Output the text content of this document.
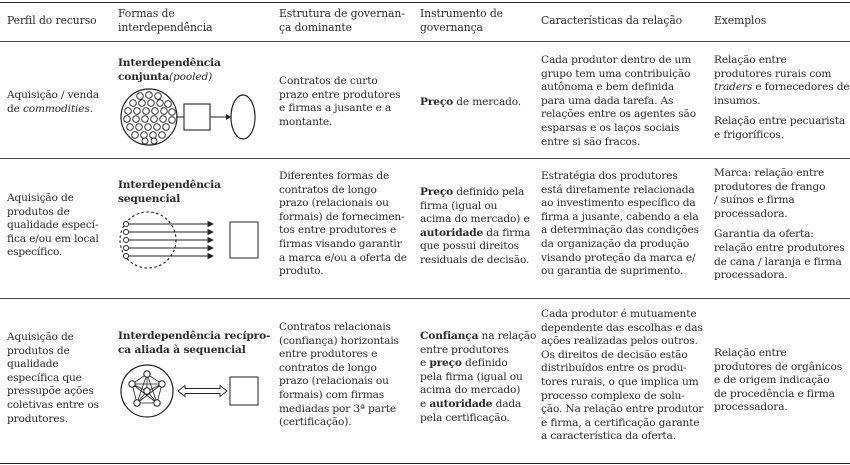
Perfil do recurso
Formas de
interdependência
Estrutura de governan-
ça dominante
Instrumento de
governança
Características da relação	Exemplos

Aquisição / venda

de commodities.

Interdependência

conjunta(pooled)	Contratos de curto

prazo entre produtores

e firmas a jusante e a

montante.

Preço de mercado.

Cada produtor dentro de um

grupo tem uma contribuição

autônoma e bem definida

para uma dada tarefa. As

relações entre os agentes são

esparsas e os laços sociais

entre si são fracos.

Relação entre

produtores rurais com

traders e fornecedores de

insumos.

Relação entre pecuarista

e frigoríficos.

Aquisição de

produtos de

qualidade especí-

fica e/ou em local

específico.

Interdependência

sequencial

Diferentes formas de

contratos de longo

prazo (relacionais ou

formais) de fornecimen-

tos entre produtores e

firmas visando garantir

a marca e/ou a oferta de

produto.

Preço definido pela

firma (igual ou

acima do mercado) e

autoridade da firma

que possui direitos

residuais de decisão.

Estratégia dos produtores

está diretamente relacionada

ao investimento específico da

firma a jusante, cabendo a ela

a determinação das condições

da organização da produção

visando proteção da marca e/

ou garantia de suprimento.

Marca: relação entre

produtores de frango

/ suínos e firma

processadora.

Garantia da oferta:

relação entre produtores

de cana / laranja e firma

processadora.

Aquisição de

produtos de

qualidade

específica que

pressupõe ações

coletivas entre os

produtores.

Interdependência recípro-

ca aliada à sequencial

Contratos relacionais

(confiança) horizontais

entre produtores e

contratos de longo

prazo (relacionais ou

formais) com firmas

mediadas por 3ª parte

(certificação).

Confiança na relação

entre produtores

e preço definido

pela firma (igual ou

acima do mercado)

e autoridade dada

pela certificação.

Cada produtor é mutuamente

dependente das escolhas e das

ações realizadas pelos outros.

Os direitos de decisão estão

distribuídos entre os produ-

tores rurais, o que implica um

processo complexo de solu-

ção. Na relação entre produtor

e firma, a certificação garante

a característica da oferta.

Relação entre

produtores de orgânicos

e de origem indicação

de procedência e firma

processadora.
